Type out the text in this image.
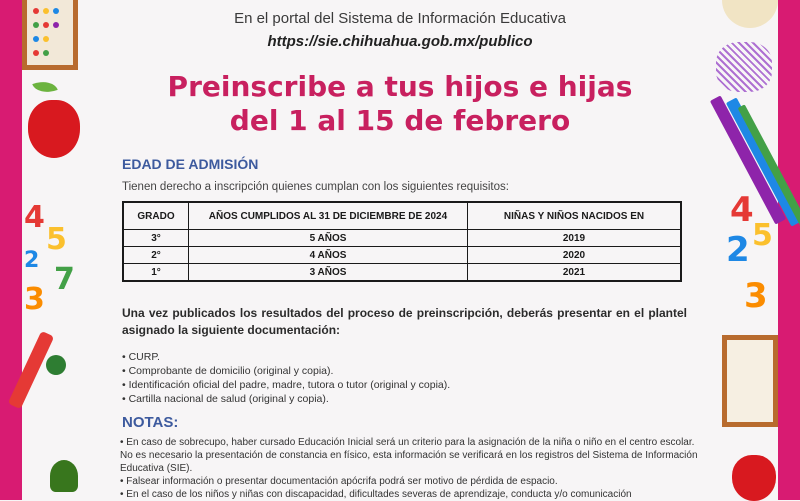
4
5
2
7
3
4
2 5
3
En el portal del Sistema de Información Educativa
https://sie.chihuahua.gob.mx/publico
Preinscribe a tus hijos e hijas
del 1 al 15 de febrero
EDAD DE ADMISIÓN
Tienen derecho a inscripción quienes cumplan con los siguientes requisitos:
GRADO	AÑOS CUMPLIDOS AL 31 DE DICIEMBRE DE 2024	NIÑAS Y NIÑOS NACIDOS EN
3°	5 AÑOS	2019
2°	4 AÑOS	2020
1°	3 AÑOS	2021
Una vez publicados los resultados del proceso de preinscripción, deberás presentar en el plantel asignado la siguiente documentación:
• CURP.
• Comprobante de domicilio (original y copia).
• Identificación oficial del padre, madre, tutora o tutor (original y copia).
• Cartilla nacional de salud (original y copia).
NOTAS:
• En caso de sobrecupo, haber cursado Educación Inicial será un criterio para la asignación de la niña o niño en el centro escolar. No es necesario la presentación de constancia en físico, esta información se verificará en los registros del Sistema de Información Educativa (SIE).
• Falsear información o presentar documentación apócrifa podrá ser motivo de pérdida de espacio.
• En el caso de los niños y niñas con discapacidad, dificultades severas de aprendizaje, conducta y/o comunicación
